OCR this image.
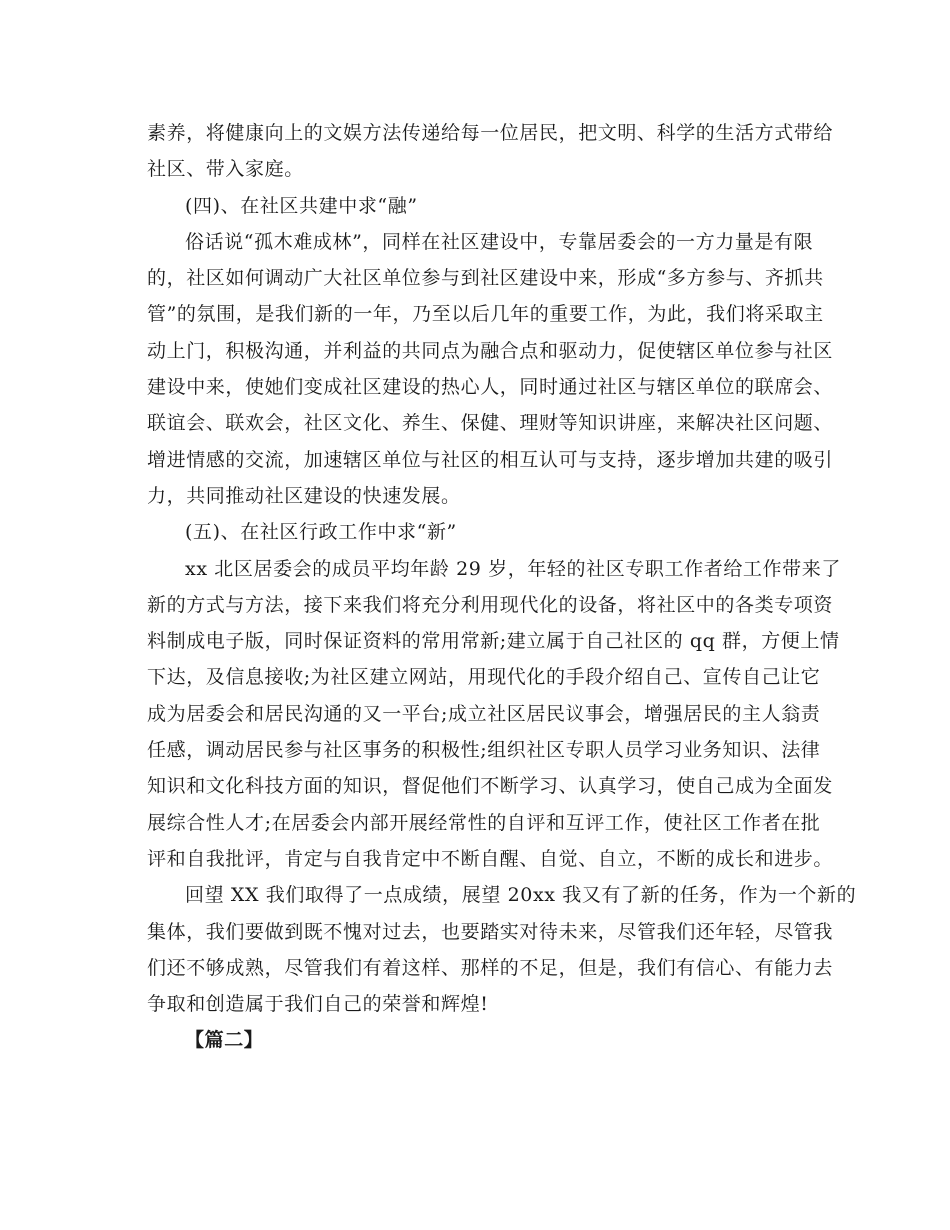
素养，将健康向上的文娱方法传递给每一位居民，把文明、科学的生活方式带给
社区、带入家庭。
(四)、在社区共建中求“融”
俗话说“孤木难成林”，同样在社区建设中，专靠居委会的一方力量是有限
的，社区如何调动广大社区单位参与到社区建设中来，形成“多方参与、齐抓共
管”的氛围，是我们新的一年，乃至以后几年的重要工作，为此，我们将采取主
动上门，积极沟通，并利益的共同点为融合点和驱动力，促使辖区单位参与社区
建设中来，使她们变成社区建设的热心人，同时通过社区与辖区单位的联席会、
联谊会、联欢会，社区文化、养生、保健、理财等知识讲座，来解决社区问题、
增进情感的交流，加速辖区单位与社区的相互认可与支持，逐步增加共建的吸引
力，共同推动社区建设的快速发展。
(五)、在社区行政工作中求“新”
xx 北区居委会的成员平均年龄 29 岁，年轻的社区专职工作者给工作带来了
新的方式与方法，接下来我们将充分利用现代化的设备，将社区中的各类专项资
料制成电子版，同时保证资料的常用常新;建立属于自己社区的 qq 群，方便上情
下达，及信息接收;为社区建立网站，用现代化的手段介绍自己、宣传自己让它
成为居委会和居民沟通的又一平台;成立社区居民议事会，增强居民的主人翁责
任感，调动居民参与社区事务的积极性;组织社区专职人员学习业务知识、法律
知识和文化科技方面的知识，督促他们不断学习、认真学习，使自己成为全面发
展综合性人才;在居委会内部开展经常性的自评和互评工作，使社区工作者在批
评和自我批评，肯定与自我肯定中不断自醒、自觉、自立，不断的成长和进步。
回望 XX 我们取得了一点成绩，展望 20xx 我又有了新的任务，作为一个新的
集体，我们要做到既不愧对过去，也要踏实对待未来，尽管我们还年轻，尽管我
们还不够成熟，尽管我们有着这样、那样的不足，但是，我们有信心、有能力去
争取和创造属于我们自己的荣誉和辉煌!
【篇二】
